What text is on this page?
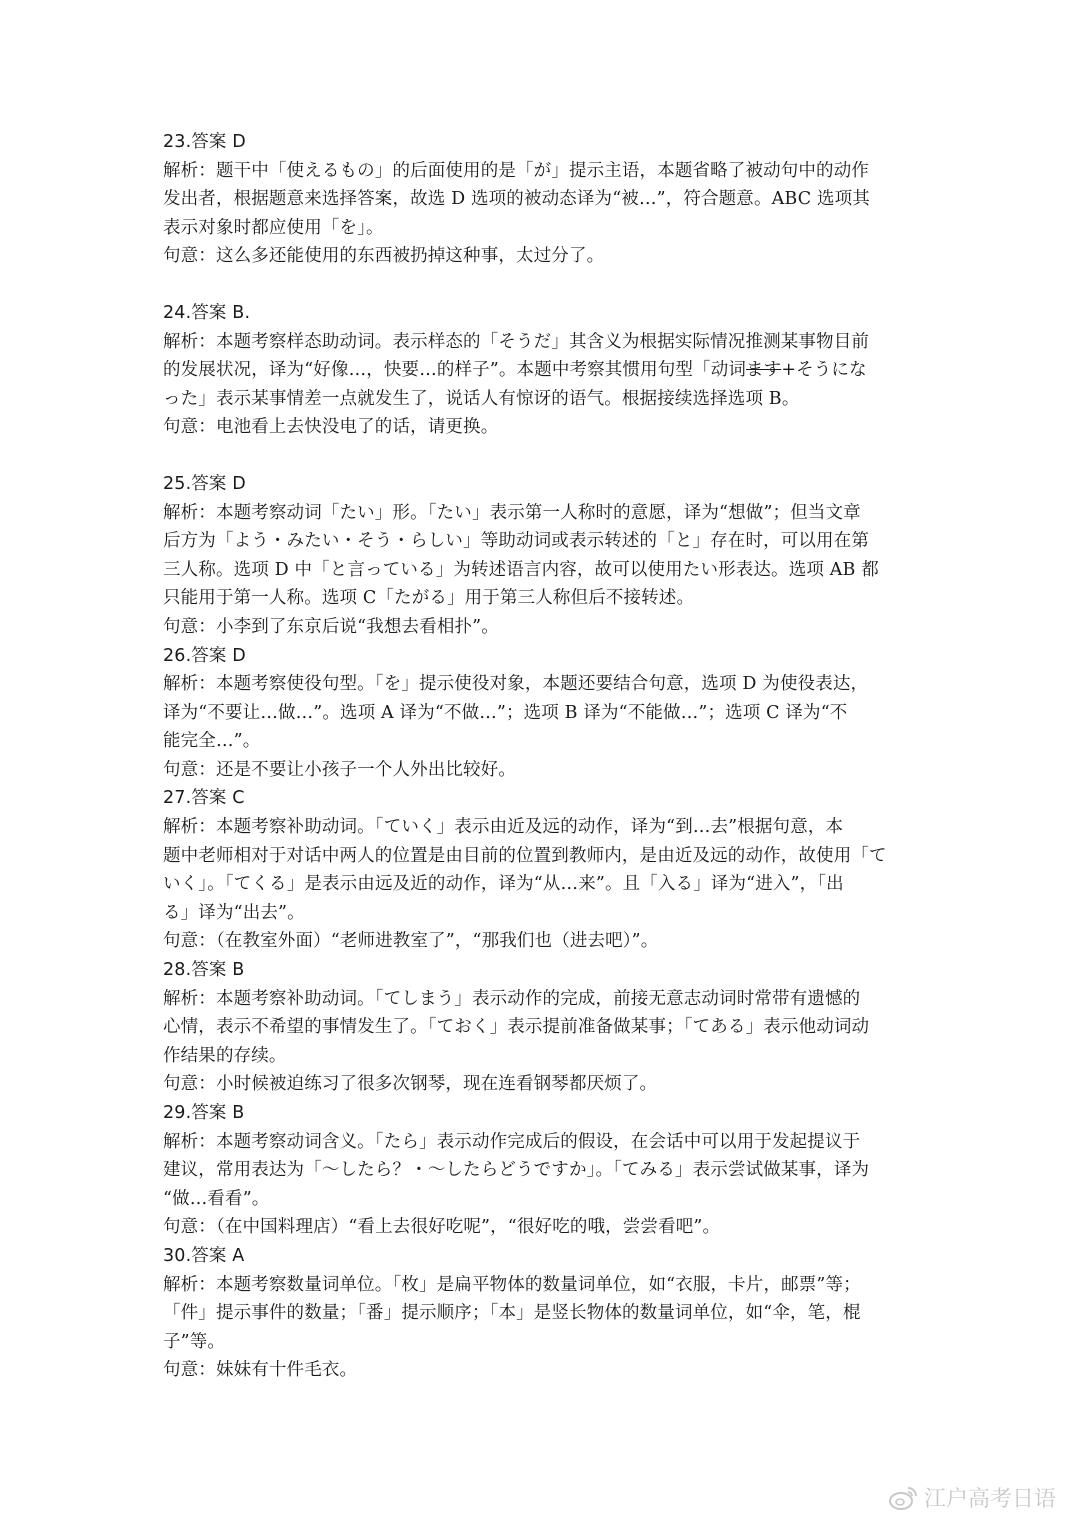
23.答案 D
解析：题干中「使えるもの」的后面使用的是「が」提示主语，本题省略了被动句中的动作
发出者，根据题意来选择答案，故选 D 选项的被动态译为“被…”，符合题意。ABC 选项其
表示对象时都应使用「を」。
句意：这么多还能使用的东西被扔掉这种事，太过分了。
24.答案 B.
解析：本题考察样态助动词。表示样态的「そうだ」其含义为根据实际情况推测某事物目前
的发展状况，译为“好像…，快要…的样子”。本题中考察其惯用句型「动词ます+そうにな
った」表示某事情差一点就发生了，说话人有惊讶的语气。根据接续选择选项 B。
句意：电池看上去快没电了的话，请更换。
25.答案 D
解析：本题考察动词「たい」形。「たい」表示第一人称时的意愿，译为“想做”；但当文章
后方为「よう・みたい・そう・らしい」等助动词或表示转述的「と」存在时，可以用在第
三人称。选项 D 中「と言っている」为转述语言内容，故可以使用たい形表达。选项 AB 都
只能用于第一人称。选项 C「たがる」用于第三人称但后不接转述。
句意：小李到了东京后说“我想去看相扑”。
26.答案 D
解析：本题考察使役句型。「を」提示使役对象，本题还要结合句意，选项 D 为使役表达，
译为“不要让…做…”。选项 A 译为“不做…”；选项 B 译为“不能做…”；选项 C 译为“不
能完全…”。
句意：还是不要让小孩子一个人外出比较好。
27.答案 C
解析：本题考察补助动词。「ていく」表示由近及远的动作，译为“到…去”根据句意，本
题中老师相对于对话中两人的位置是由目前的位置到教师内，是由近及远的动作，故使用「て
いく」。「てくる」是表示由远及近的动作，译为“从…来”。且「入る」译为“进入”，「出
る」译为“出去”。
句意：（在教室外面）“老师进教室了”，“那我们也（进去吧）”。
28.答案 B
解析：本题考察补助动词。「てしまう」表示动作的完成，前接无意志动词时常带有遗憾的
心情，表示不希望的事情发生了。「ておく」表示提前准备做某事；「てある」表示他动词动
作结果的存续。
句意：小时候被迫练习了很多次钢琴，现在连看钢琴都厌烦了。
29.答案 B
解析：本题考察动词含义。「たら」表示动作完成后的假设，在会话中可以用于发起提议于
建议，常用表达为「～したら？・～したらどうですか」。「てみる」表示尝试做某事，译为
“做…看看”。
句意：（在中国料理店）“看上去很好吃呢”，“很好吃的哦，尝尝看吧”。
30.答案 A
解析：本题考察数量词单位。「枚」是扁平物体的数量词单位，如“衣服，卡片，邮票”等；
「件」提示事件的数量；「番」提示顺序；「本」是竖长物体的数量词单位，如“伞，笔，棍
子”等。
句意：妹妹有十件毛衣。
江户高考日语
